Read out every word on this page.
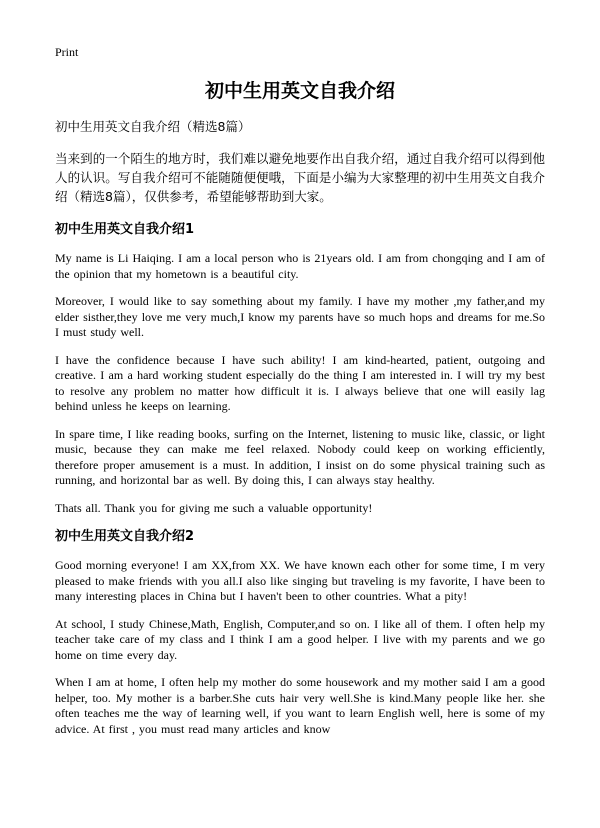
Print
初中生用英文自我介绍
初中生用英文自我介绍（精选8篇）
当来到的一个陌生的地方时，我们难以避免地要作出自我介绍，通过自我介绍可以得到他人的认识。写自我介绍可不能随随便便哦，下面是小编为大家整理的初中生用英文自我介绍（精选8篇），仅供参考，希望能够帮助到大家。
初中生用英文自我介绍1

My name is Li Haiqing. I am a local person who is 21years old. I am from chongqing and I am of the opinion that my hometown is a beautiful city.

Moreover, I would like to say something about my family. I have my mother ,my father,and my elder sisther,they love me very much,I know my parents have so much hops and dreams for me.So I must study well.

I have the confidence because I have such ability! I am kind-hearted, patient, outgoing and creative. I am a hard working student especially do the thing I am interested in. I will try my best to resolve any problem no matter how difficult it is. I always believe that one will easily lag behind unless he keeps on learning.

In spare time, I like reading books, surfing on the Internet, listening to music like, classic, or light music, because they can make me feel relaxed. Nobody could keep on working efficiently, therefore proper amusement is a must. In addition, I insist on do some physical training such as running, and horizontal bar as well. By doing this, I can always stay healthy.

Thats all. Thank you for giving me such a valuable opportunity!

初中生用英文自我介绍2

Good morning everyone! I am XX,from XX. We have known each other for some time, I m very pleased to make friends with you all.I also like singing but traveling is my favorite, I have been to many interesting places in China but I haven't been to other countries. What a pity!

At school, I study Chinese,Math, English, Computer,and so on. I like all of them. I often help my teacher take care of my class and I think I am a good helper. I live with my parents and we go home on time every day.

When I am at home, I often help my mother do some housework and my mother said I am a good helper, too. My mother is a barber.She cuts hair very well.She is kind.Many people like her. she often teaches me the way of learning well, if you want to learn English well, here is some of my advice. At first , you must read many articles and know
